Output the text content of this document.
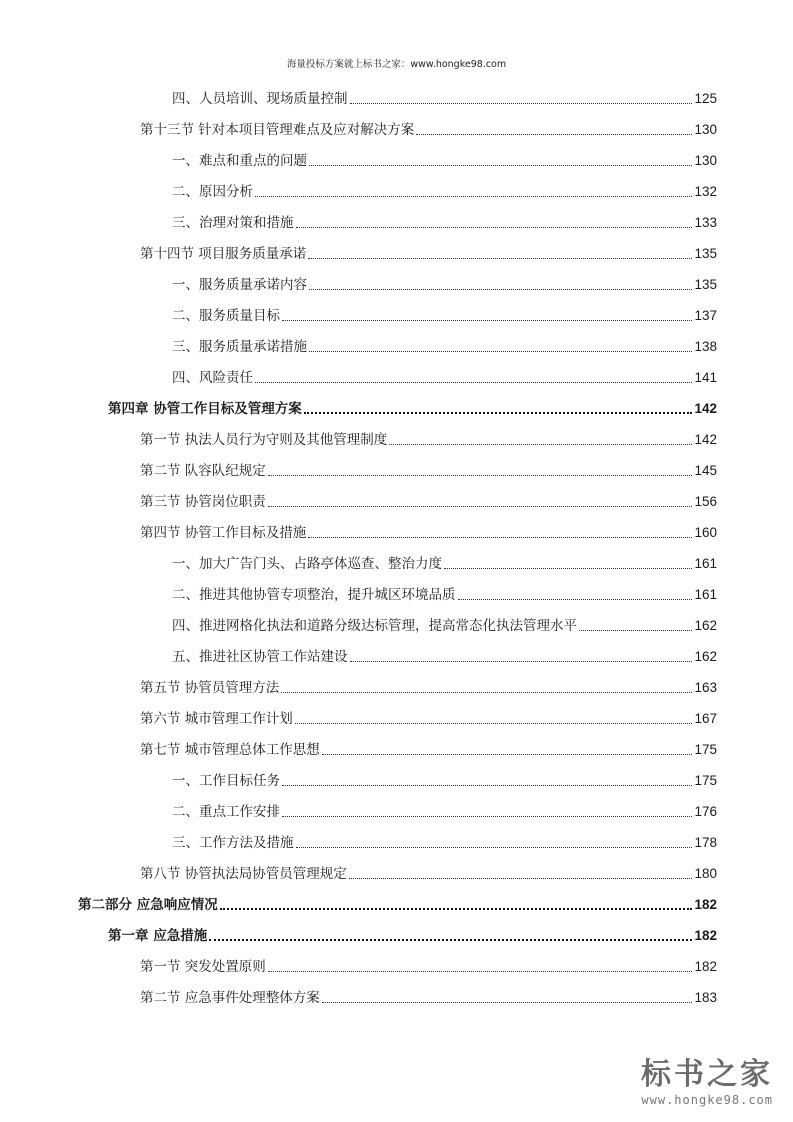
海量投标方案就上标书之家：www.hongke98.com
四、人员培训、现场质量控制	125
第十三节 针对本项目管理难点及应对解决方案	130
一、难点和重点的问题	130
二、原因分析	132
三、治理对策和措施	133
第十四节 项目服务质量承诺	135
一、服务质量承诺内容	135
二、服务质量目标	137
三、服务质量承诺措施	138
四、风险责任	141
第四章 协管工作目标及管理方案	142
第一节 执法人员行为守则及其他管理制度	142
第二节 队容队纪规定	145
第三节 协管岗位职责	156
第四节 协管工作目标及措施	160
一、加大广告门头、占路亭体巡查、整治力度	161
二、推进其他协管专项整治，提升城区环境品质	161
四、推进网格化执法和道路分级达标管理，提高常态化执法管理水平	162
五、推进社区协管工作站建设	162
第五节 协管员管理方法	163
第六节 城市管理工作计划	167
第七节 城市管理总体工作思想	175
一、工作目标任务	175
二、重点工作安排	176
三、工作方法及措施	178
第八节 协管执法局协管员管理规定	180
第二部分 应急响应情况	182
第一章 应急措施	182
第一节 突发处置原则	182
第二节 应急事件处理整体方案	183
标书之家
www.hongke98.com
